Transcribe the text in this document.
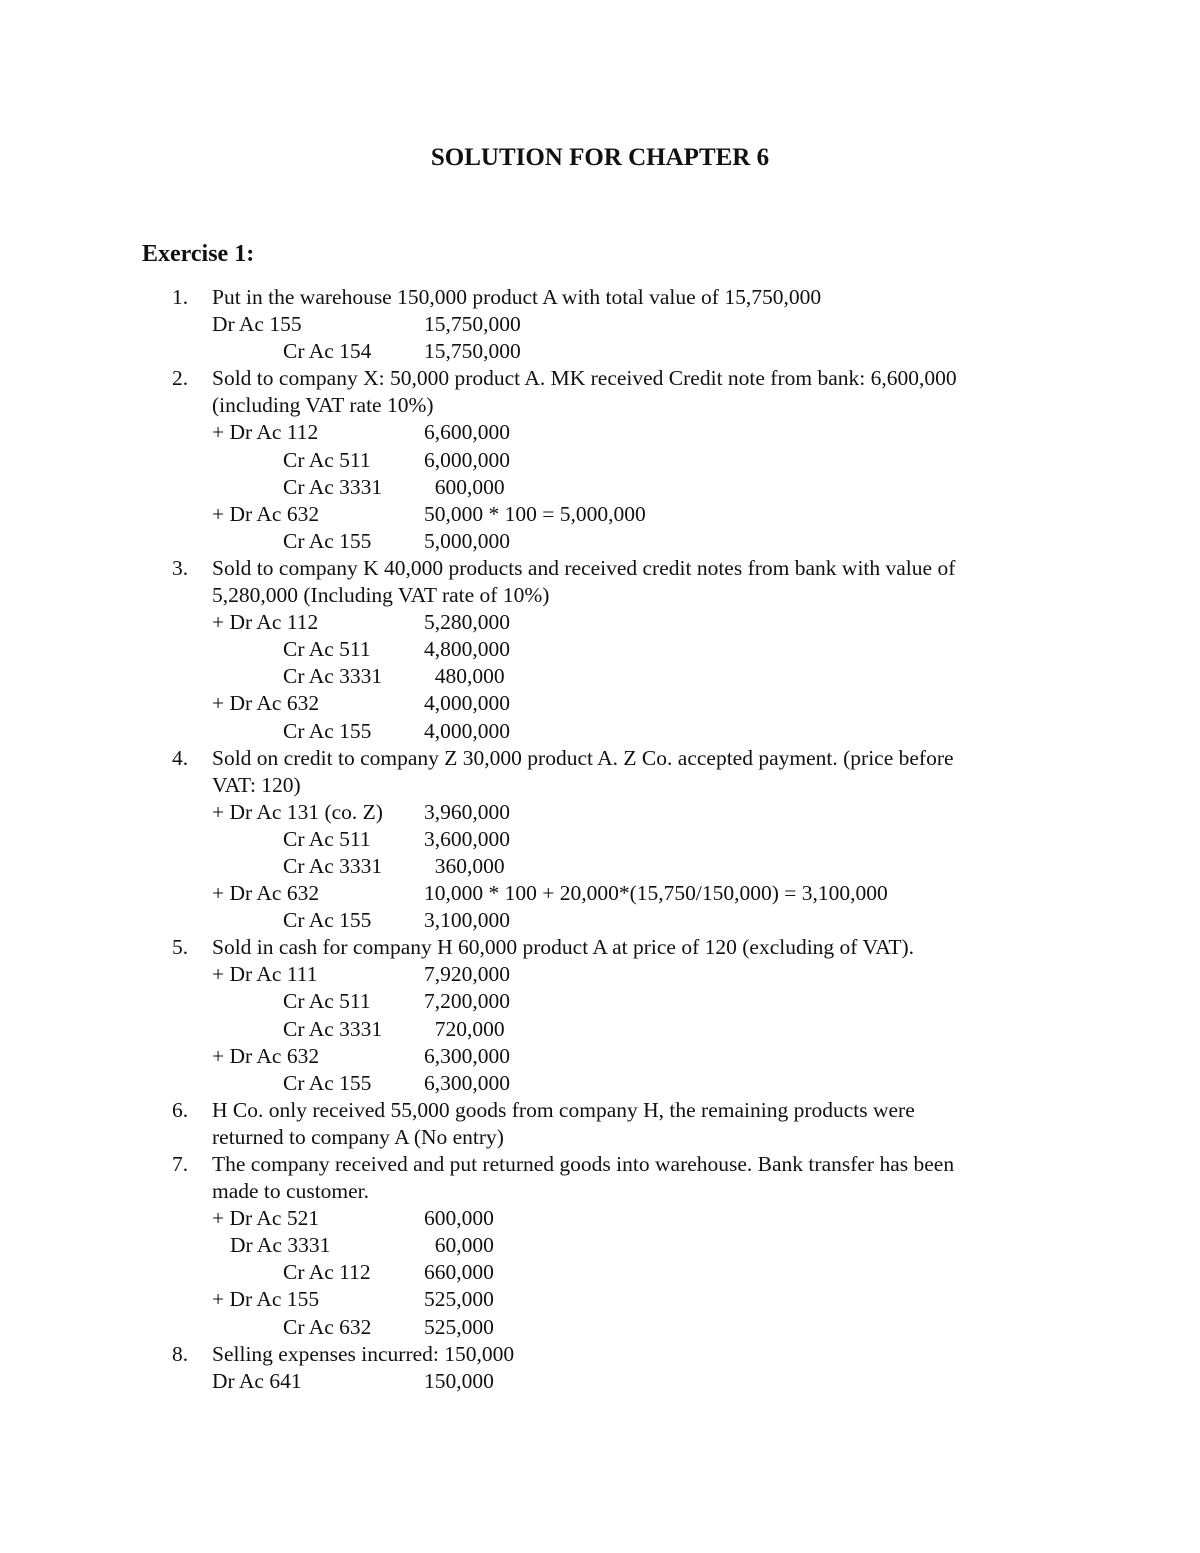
SOLUTION FOR CHAPTER 6
Exercise 1:
1. Put in the warehouse 150,000 product A with total value of 15,750,000
Dr Ac 155	15,750,000
Cr Ac 154 15,750,000
2. Sold to company X: 50,000 product A. MK received Credit note from bank: 6,600,000
(including VAT rate 10%)
+ Dr Ac 112	6,600,000
Cr Ac 511 6,000,000
Cr Ac 3331 600,000
+ Dr Ac 632	50,000 * 100 = 5,000,000
Cr Ac 155 5,000,000
3. Sold to company K 40,000 products and received credit notes from bank with value of
5,280,000 (Including VAT rate of 10%)
+ Dr Ac 112	5,280,000
Cr Ac 511 4,800,000
Cr Ac 3331 480,000
+ Dr Ac 632	4,000,000
Cr Ac 155 4,000,000
4. Sold on credit to company Z 30,000 product A. Z Co. accepted payment. (price before
VAT: 120)
+ Dr Ac 131 (co. Z) 3,960,000
Cr Ac 511 3,600,000
Cr Ac 3331 360,000
+ Dr Ac 632	10,000 * 100 + 20,000*(15,750/150,000) = 3,100,000
Cr Ac 155 3,100,000
5. Sold in cash for company H 60,000 product A at price of 120 (excluding of VAT).
+ Dr Ac 111	7,920,000
Cr Ac 511 7,200,000
Cr Ac 3331 720,000
+ Dr Ac 632	6,300,000
Cr Ac 155 6,300,000
6. H Co. only received 55,000 goods from company H, the remaining products were
returned to company A (No entry)
7. The company received and put returned goods into warehouse. Bank transfer has been
made to customer.
+ Dr Ac 521	600,000
Dr Ac 3331	60,000
Cr Ac 112 660,000
+ Dr Ac 155	525,000
Cr Ac 632 525,000
8. Selling expenses incurred: 150,000
Dr Ac 641	150,000
